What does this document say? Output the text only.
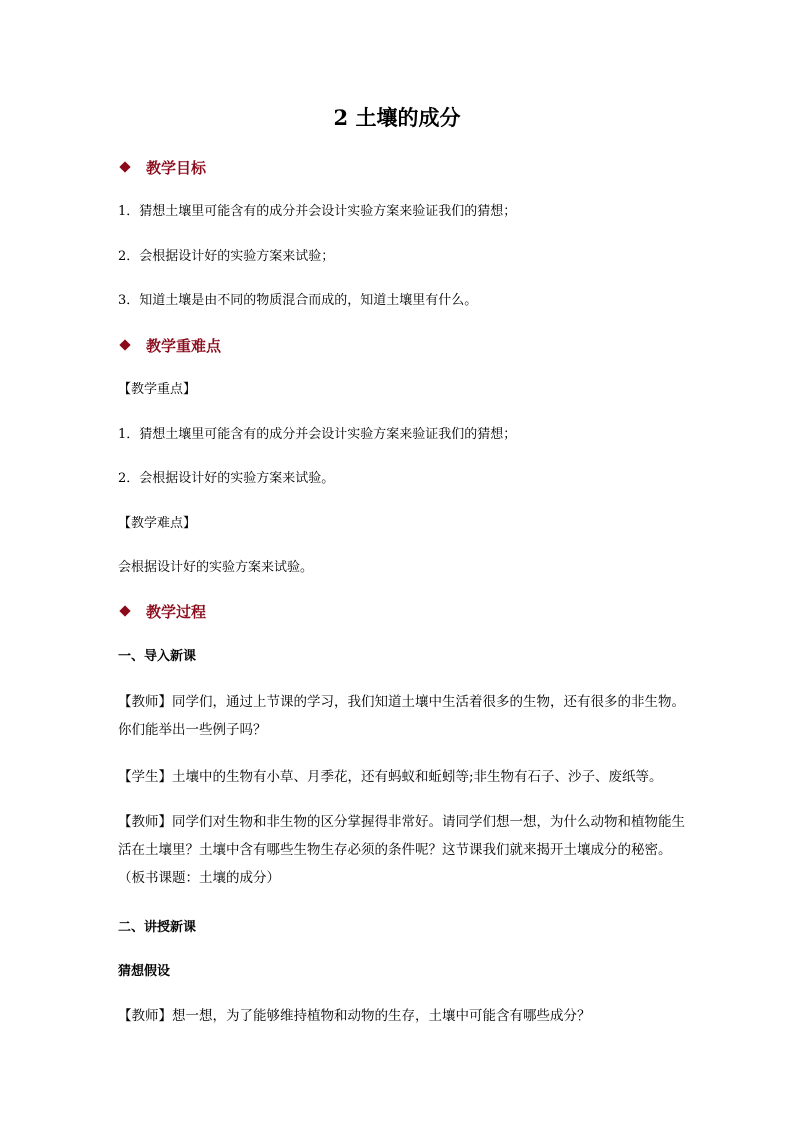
2 土壤的成分
教学目标
1．猜想土壤里可能含有的成分并会设计实验方案来验证我们的猜想；
2．会根据设计好的实验方案来试验；
3．知道土壤是由不同的物质混合而成的，知道土壤里有什么。
教学重难点
【教学重点】
1．猜想土壤里可能含有的成分并会设计实验方案来验证我们的猜想；
2．会根据设计好的实验方案来试验。
【教学难点】
会根据设计好的实验方案来试验。
教学过程
一、导入新课
【教师】同学们，通过上节课的学习，我们知道土壤中生活着很多的生物，还有很多的非生物。你们能举出一些例子吗？
【学生】土壤中的生物有小草、月季花，还有蚂蚁和蚯蚓等;非生物有石子、沙子、废纸等。
【教师】同学们对生物和非生物的区分掌握得非常好。请同学们想一想，为什么动物和植物能生活在土壤里？土壤中含有哪些生物生存必须的条件呢？这节课我们就来揭开土壤成分的秘密。（板书课题：土壤的成分）
二、讲授新课
猜想假设
【教师】想一想，为了能够维持植物和动物的生存，土壤中可能含有哪些成分？
